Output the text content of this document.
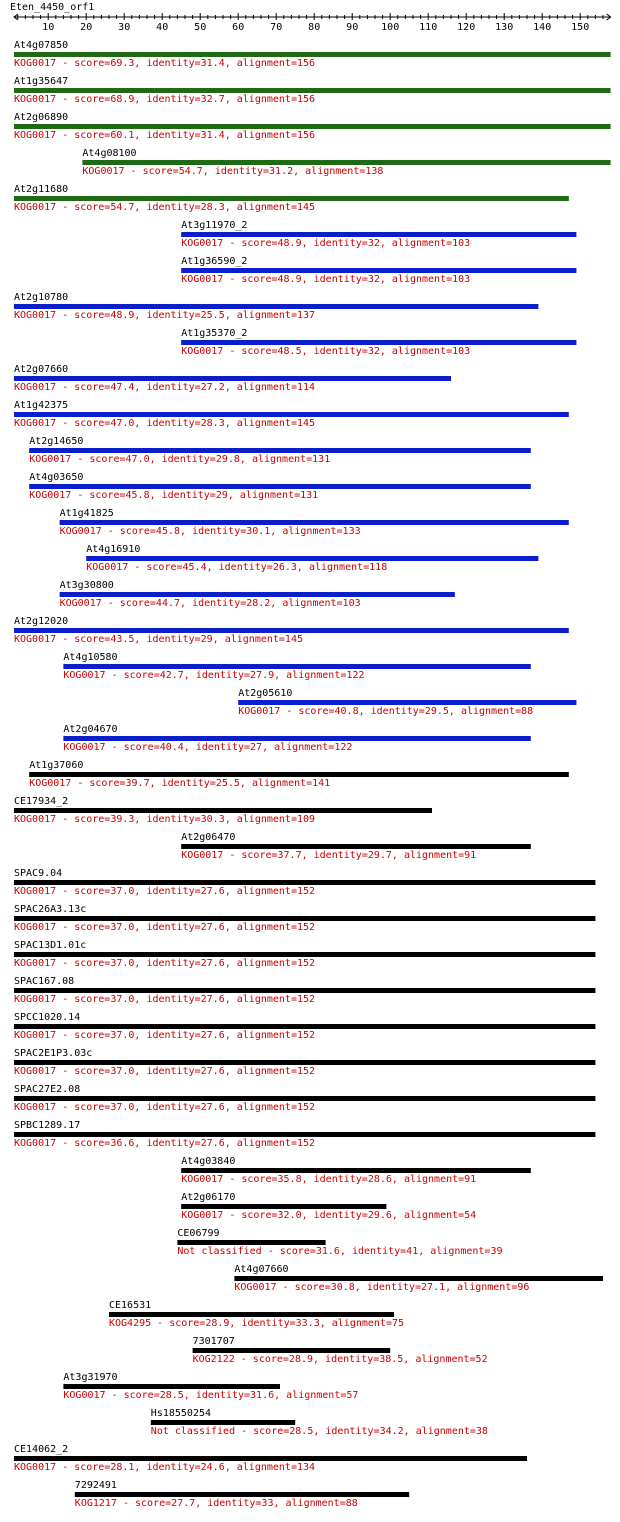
Eten_4450_orf1
10	20	30	40	50	60	70	80	90 100 110 120 130 140 150
At4g07850
KOG0017 - score=69.3, identity=31.4, alignment=156
At1g35647
KOG0017 - score=68.9, identity=32.7, alignment=156
At2g06890
KOG0017 - score=60.1, identity=31.4, alignment=156
At4g08100
KOG0017 - score=54.7, identity=31.2, alignment=138
At2g11680
KOG0017 - score=54.7, identity=28.3, alignment=145
At3g11970_2
KOG0017 - score=48.9, identity=32, alignment=103
At1g36590_2
KOG0017 - score=48.9, identity=32, alignment=103
At2g10780
KOG0017 - score=48.9, identity=25.5, alignment=137
At1g35370_2
KOG0017 - score=48.5, identity=32, alignment=103
At2g07660
KOG0017 - score=47.4, identity=27.2, alignment=114
At1g42375
KOG0017 - score=47.0, identity=28.3, alignment=145
At2g14650
KOG0017 - score=47.0, identity=29.8, alignment=131
At4g03650
KOG0017 - score=45.8, identity=29, alignment=131
At1g41825
KOG0017 - score=45.8, identity=30.1, alignment=133
At4g16910
KOG0017 - score=45.4, identity=26.3, alignment=118
At3g30800
KOG0017 - score=44.7, identity=28.2, alignment=103
At2g12020
KOG0017 - score=43.5, identity=29, alignment=145
At4g10580
KOG0017 - score=42.7, identity=27.9, alignment=122
At2g05610
KOG0017 - score=40.8, identity=29.5, alignment=88
At2g04670
KOG0017 - score=40.4, identity=27, alignment=122
At1g37060
KOG0017 - score=39.7, identity=25.5, alignment=141
CE17934_2
KOG0017 - score=39.3, identity=30.3, alignment=109
At2g06470
KOG0017 - score=37.7, identity=29.7, alignment=91
SPAC9.04
KOG0017 - score=37.0, identity=27.6, alignment=152
SPAC26A3.13c
KOG0017 - score=37.0, identity=27.6, alignment=152
SPAC13D1.01c
KOG0017 - score=37.0, identity=27.6, alignment=152
SPAC167.08
KOG0017 - score=37.0, identity=27.6, alignment=152
SPCC1020.14
KOG0017 - score=37.0, identity=27.6, alignment=152
SPAC2E1P3.03c
KOG0017 - score=37.0, identity=27.6, alignment=152
SPAC27E2.08
KOG0017 - score=37.0, identity=27.6, alignment=152
SPBC1289.17
KOG0017 - score=36.6, identity=27.6, alignment=152
At4g03840
KOG0017 - score=35.8, identity=28.6, alignment=91
At2g06170
KOG0017 - score=32.0, identity=29.6, alignment=54
CE06799
Not classified - score=31.6, identity=41, alignment=39
At4g07660
KOG0017 - score=30.8, identity=27.1, alignment=96
CE16531
KOG4295 - score=28.9, identity=33.3, alignment=75
7301707
KOG2122 - score=28.9, identity=38.5, alignment=52
At3g31970
KOG0017 - score=28.5, identity=31.6, alignment=57
Hs18550254
Not classified - score=28.5, identity=34.2, alignment=38
CE14062_2
KOG0017 - score=28.1, identity=24.6, alignment=134
7292491
KOG1217 - score=27.7, identity=33, alignment=88
